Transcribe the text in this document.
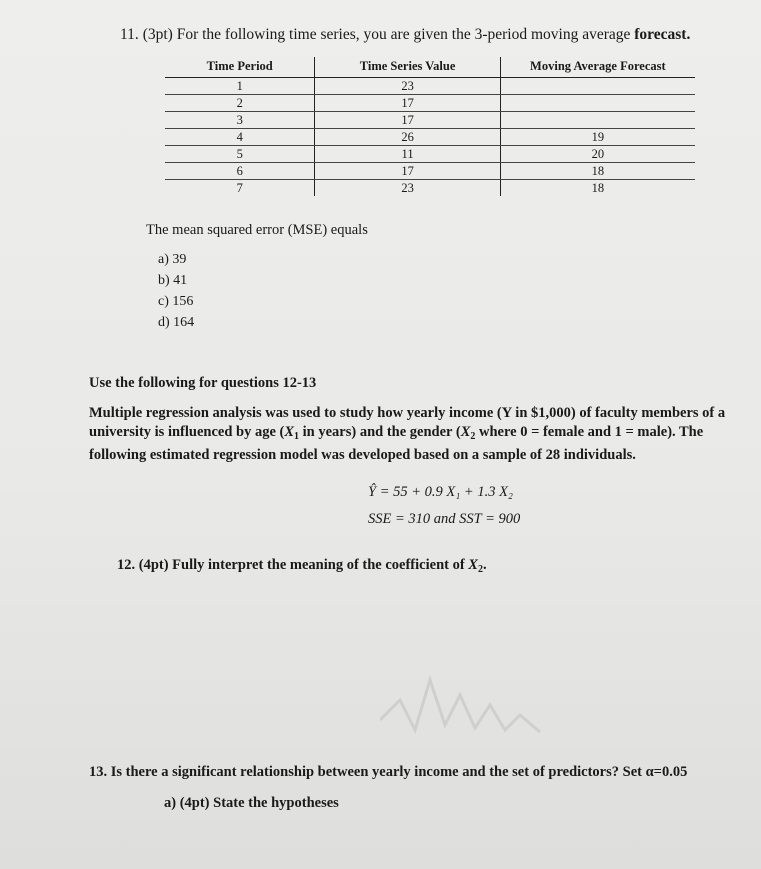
11. (3pt) For the following time series, you are given the 3-period moving average forecast.
Time Period	Time Series Value	Moving Average Forecast
1	23	
2	17	
3	17	
4	26	19
5	11	20
6	17	18
7	23	18
The mean squared error (MSE) equals
a) 39
b) 41
c) 156
d) 164
Use the following for questions 12-13
Multiple regression analysis was used to study how yearly income (Y in $1,000) of faculty members of a university is influenced by age ($X_1$ in years) and the gender ($X_2$ where 0 = female and 1 = male). The following estimated regression model was developed based on a sample of 28 individuals.
Ŷ = 55 + 0.9 X₁ + 1.3 X₂
SSE = 310 and SST = 900
12. (4pt) Fully interpret the meaning of the coefficient of $X_2$.
13. Is there a significant relationship between yearly income and the set of predictors? Set α=0.05
a) (4pt) State the hypotheses
